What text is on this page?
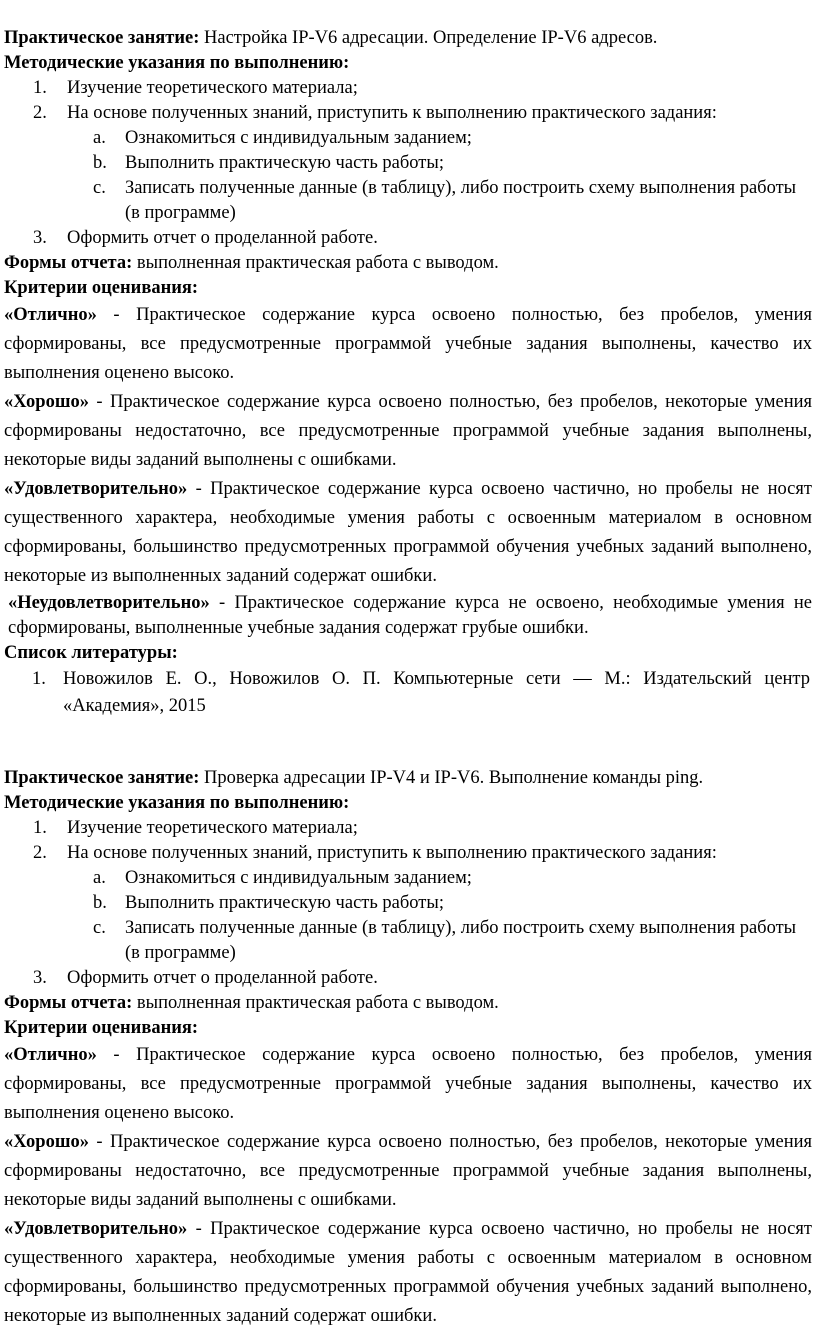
Практическое занятие: Настройка IP-V6 адресации. Определение IP-V6 адресов.
Методические указания по выполнению:
1. Изучение теоретического материала;
2. На основе полученных знаний, приступить к выполнению практического задания:
a. Ознакомиться с индивидуальным заданием;
b. Выполнить практическую часть работы;
c. Записать полученные данные (в таблицу), либо построить схему выполнения работы (в программе)
3. Оформить отчет о проделанной работе.
Формы отчета: выполненная практическая работа с выводом.
Критерии оценивания:
«Отлично» - Практическое содержание курса освоено полностью, без пробелов, умения сформированы, все предусмотренные программой учебные задания выполнены, качество их выполнения оценено высоко.
«Хорошо» - Практическое содержание курса освоено полностью, без пробелов, некоторые умения сформированы недостаточно, все предусмотренные программой учебные задания выполнены, некоторые виды заданий выполнены с ошибками.
«Удовлетворительно» - Практическое содержание курса освоено частично, но пробелы не носят существенного характера, необходимые умения работы с освоенным материалом в основном сформированы, большинство предусмотренных программой обучения учебных заданий выполнено, некоторые из выполненных заданий содержат ошибки.
«Неудовлетворительно» - Практическое содержание курса не освоено, необходимые умения не сформированы, выполненные учебные задания содержат грубые ошибки.
Список литературы:
1. Новожилов Е. О., Новожилов О. П. Компьютерные сети — М.: Издательский центр «Академия», 2015
Практическое занятие: Проверка адресации IP-V4 и IP-V6. Выполнение команды ping.
Методические указания по выполнению:
1. Изучение теоретического материала;
2. На основе полученных знаний, приступить к выполнению практического задания:
a. Ознакомиться с индивидуальным заданием;
b. Выполнить практическую часть работы;
c. Записать полученные данные (в таблицу), либо построить схему выполнения работы (в программе)
3. Оформить отчет о проделанной работе.
Формы отчета: выполненная практическая работа с выводом.
Критерии оценивания:
«Отлично» - Практическое содержание курса освоено полностью, без пробелов, умения сформированы, все предусмотренные программой учебные задания выполнены, качество их выполнения оценено высоко.
«Хорошо» - Практическое содержание курса освоено полностью, без пробелов, некоторые умения сформированы недостаточно, все предусмотренные программой учебные задания выполнены, некоторые виды заданий выполнены с ошибками.
«Удовлетворительно» - Практическое содержание курса освоено частично, но пробелы не носят существенного характера, необходимые умения работы с освоенным материалом в основном сформированы, большинство предусмотренных программой обучения учебных заданий выполнено, некоторые из выполненных заданий содержат ошибки.
